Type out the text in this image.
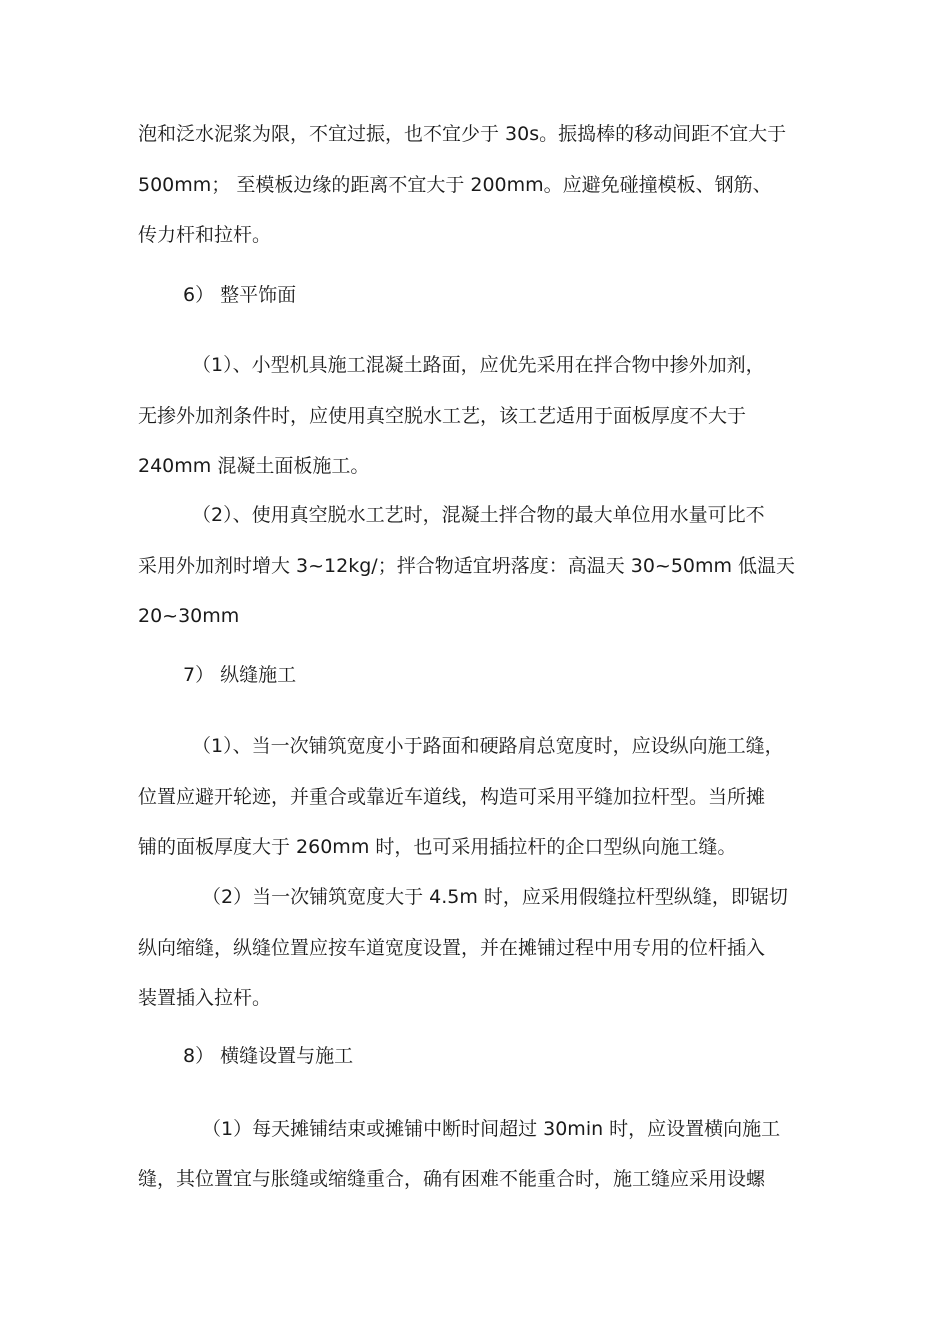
泡和泛水泥浆为限，不宜过振，也不宜少于 30s。振捣棒的移动间距不宜大于
500mm； 至模板边缘的距离不宜大于 200mm。应避免碰撞模板、钢筋、
传力杆和拉杆。
6） 整平饰面
（1）、小型机具施工混凝土路面，应优先采用在拌合物中掺外加剂，
无掺外加剂条件时，应使用真空脱水工艺，该工艺适用于面板厚度不大于
240mm 混凝土面板施工。
（2）、使用真空脱水工艺时，混凝土拌合物的最大单位用水量可比不
采用外加剂时增大 3~12kg/；拌合物适宜坍落度：高温天 30~50mm 低温天
20~30mm
7） 纵缝施工
（1）、当一次铺筑宽度小于路面和硬路肩总宽度时，应设纵向施工缝，
位置应避开轮迹，并重合或靠近车道线，构造可采用平缝加拉杆型。当所摊
铺的面板厚度大于 260mm 时，也可采用插拉杆的企口型纵向施工缝。
（2）当一次铺筑宽度大于 4.5m 时，应采用假缝拉杆型纵缝，即锯切
纵向缩缝，纵缝位置应按车道宽度设置，并在摊铺过程中用专用的位杆插入
装置插入拉杆。
8） 横缝设置与施工
（1）每天摊铺结束或摊铺中断时间超过 30min 时，应设置横向施工
缝，其位置宜与胀缝或缩缝重合，确有困难不能重合时，施工缝应采用设螺
